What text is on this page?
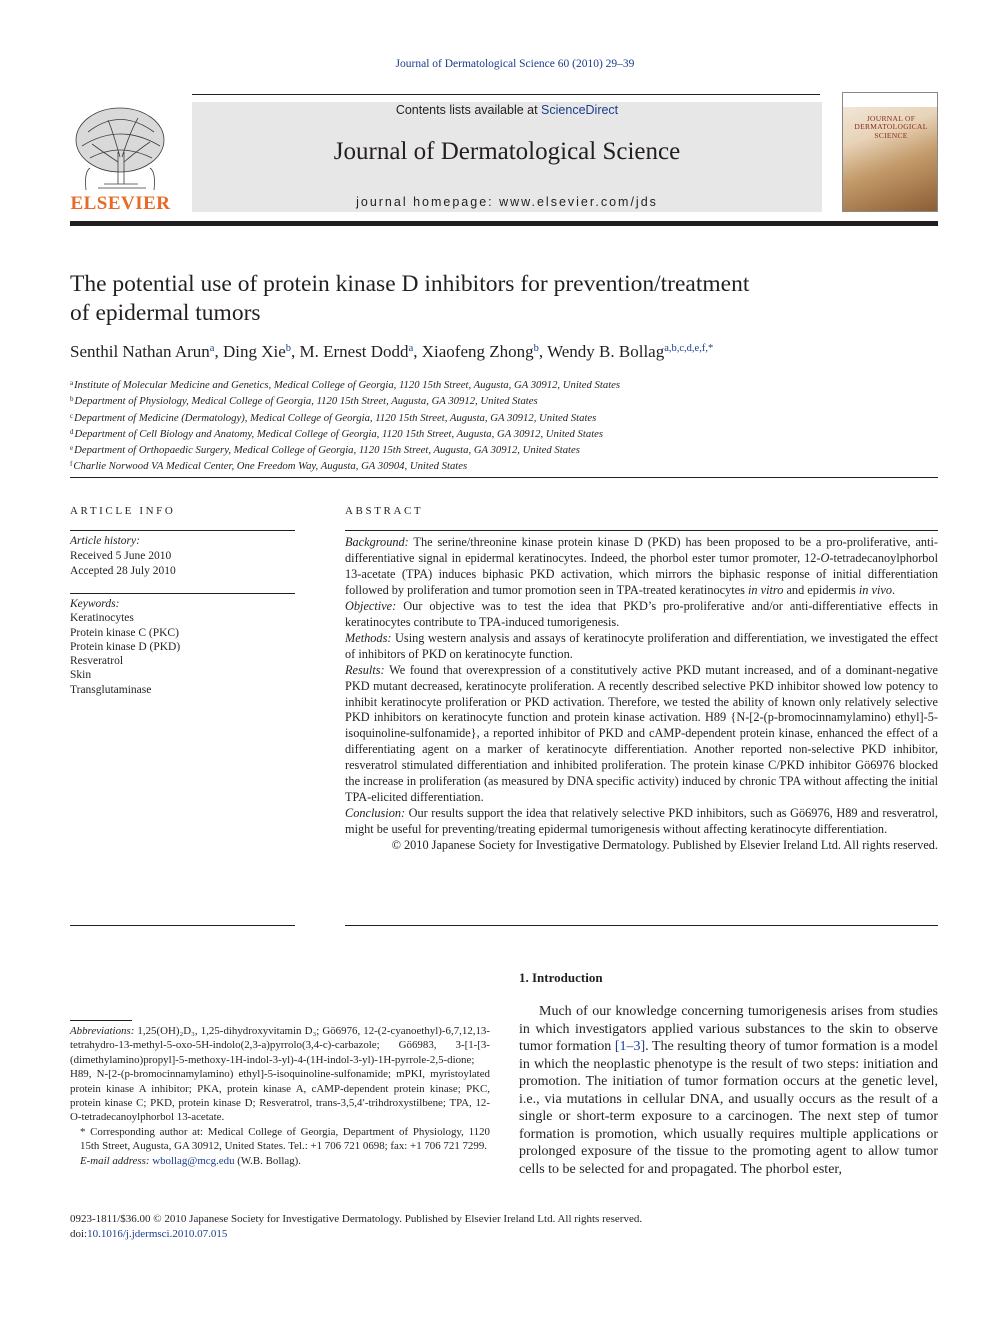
Journal of Dermatological Science 60 (2010) 29–39
Contents lists available at ScienceDirect
Journal of Dermatological Science
journal homepage: www.elsevier.com/jds
ELSEVIER
JOURNAL OF DERMATOLOGICAL SCIENCE
The potential use of protein kinase D inhibitors for prevention/treatment
of epidermal tumors
Senthil Nathan Arun$^a$, Ding Xie$^b$, M. Ernest Dodd$^a$, Xiaofeng Zhong$^b$, Wendy B. Bollag$^{a,b,c,d,e,f,*}$
$^a$Institute of Molecular Medicine and Genetics, Medical College of Georgia, 1120 15th Street, Augusta, GA 30912, United States
$^b$Department of Physiology, Medical College of Georgia, 1120 15th Street, Augusta, GA 30912, United States
$^c$Department of Medicine (Dermatology), Medical College of Georgia, 1120 15th Street, Augusta, GA 30912, United States
$^d$Department of Cell Biology and Anatomy, Medical College of Georgia, 1120 15th Street, Augusta, GA 30912, United States
$^e$Department of Orthopaedic Surgery, Medical College of Georgia, 1120 15th Street, Augusta, GA 30912, United States
$^f$Charlie Norwood VA Medical Center, One Freedom Way, Augusta, GA 30904, United States
ARTICLE INFO
Article history:
Received 5 June 2010
Accepted 28 July 2010
Keywords:
Keratinocytes
Protein kinase C (PKC)
Protein kinase D (PKD)
Resveratrol
Skin
Transglutaminase
ABSTRACT

Background: The serine/threonine kinase protein kinase D (PKD) has been proposed to be a pro-proliferative, anti-differentiative signal in epidermal keratinocytes. Indeed, the phorbol ester tumor promoter, 12-O-tetradecanoylphorbol 13-acetate (TPA) induces biphasic PKD activation, which mirrors the biphasic response of initial differentiation followed by proliferation and tumor promotion seen in TPA-treated keratinocytes in vitro and epidermis in vivo.

Objective: Our objective was to test the idea that PKD’s pro-proliferative and/or anti-differentiative effects in keratinocytes contribute to TPA-induced tumorigenesis.

Methods: Using western analysis and assays of keratinocyte proliferation and differentiation, we investigated the effect of inhibitors of PKD on keratinocyte function.

Results: We found that overexpression of a constitutively active PKD mutant increased, and of a dominant-negative PKD mutant decreased, keratinocyte proliferation. A recently described selective PKD inhibitor showed low potency to inhibit keratinocyte proliferation or PKD activation. Therefore, we tested the ability of known only relatively selective PKD inhibitors on keratinocyte function and protein kinase activation. H89 {N-[2-(p-bromocinnamylamino) ethyl]-5-isoquinoline-sulfonamide}, a reported inhibitor of PKD and cAMP-dependent protein kinase, enhanced the effect of a differentiating agent on a marker of keratinocyte differentiation. Another reported non-selective PKD inhibitor, resveratrol stimulated differentiation and inhibited proliferation. The protein kinase C/PKD inhibitor Gö6976 blocked the increase in proliferation (as measured by DNA specific activity) induced by chronic TPA without affecting the initial TPA-elicited differentiation.

Conclusion: Our results support the idea that relatively selective PKD inhibitors, such as Gö6976, H89 and resveratrol, might be useful for preventing/treating epidermal tumorigenesis without affecting keratinocyte differentiation.

© 2010 Japanese Society for Investigative Dermatology. Published by Elsevier Ireland Ltd. All rights reserved.

1. Introduction
Much of our knowledge concerning tumorigenesis arises from studies in which investigators applied various substances to the skin to observe tumor formation [1–3]. The resulting theory of tumor formation is a model in which the neoplastic phenotype is the result of two steps: initiation and promotion. The initiation of tumor formation occurs at the genetic level, i.e., via mutations in cellular DNA, and usually occurs as the result of a single or short-term exposure to a carcinogen. The next step of tumor formation is promotion, which usually requires multiple applications or prolonged exposure of the tissue to the promoting agent to allow tumor cells to be selected for and propagated. The phorbol ester,

Abbreviations: 1,25(OH)₂D₃, 1,25-dihydroxyvitamin D₃; Gö6976, 12-(2-cyanoethyl)-6,7,12,13-tetrahydro-13-methyl-5-oxo-5H-indolo(2,3-a)pyrrolo(3,4-c)-carbazole; Gö6983, 3-[1-[3-(dimethylamino)propyl]-5-methoxy-1H-indol-3-yl)-4-(1H-indol-3-yl)-1H-pyrrole-2,5-dione; H89, N-[2-(p-bromocinnamylamino) ethyl]-5-isoquinoline-sulfonamide; mPKI, myristoylated protein kinase A inhibitor; PKA, protein kinase A, cAMP-dependent protein kinase; PKC, protein kinase C; PKD, protein kinase D; Resveratrol, trans-3,5,4′-trihdroxystilbene; TPA, 12-O-tetradecanoylphorbol 13-acetate.

* Corresponding author at: Medical College of Georgia, Department of Physiology, 1120 15th Street, Augusta, GA 30912, United States. Tel.: +1 706 721 0698; fax: +1 706 721 7299.

E-mail address: wbollag@mcg.edu (W.B. Bollag).

0923-1811/$36.00 © 2010 Japanese Society for Investigative Dermatology. Published by Elsevier Ireland Ltd. All rights reserved.
doi:10.1016/j.jdermsci.2010.07.015
